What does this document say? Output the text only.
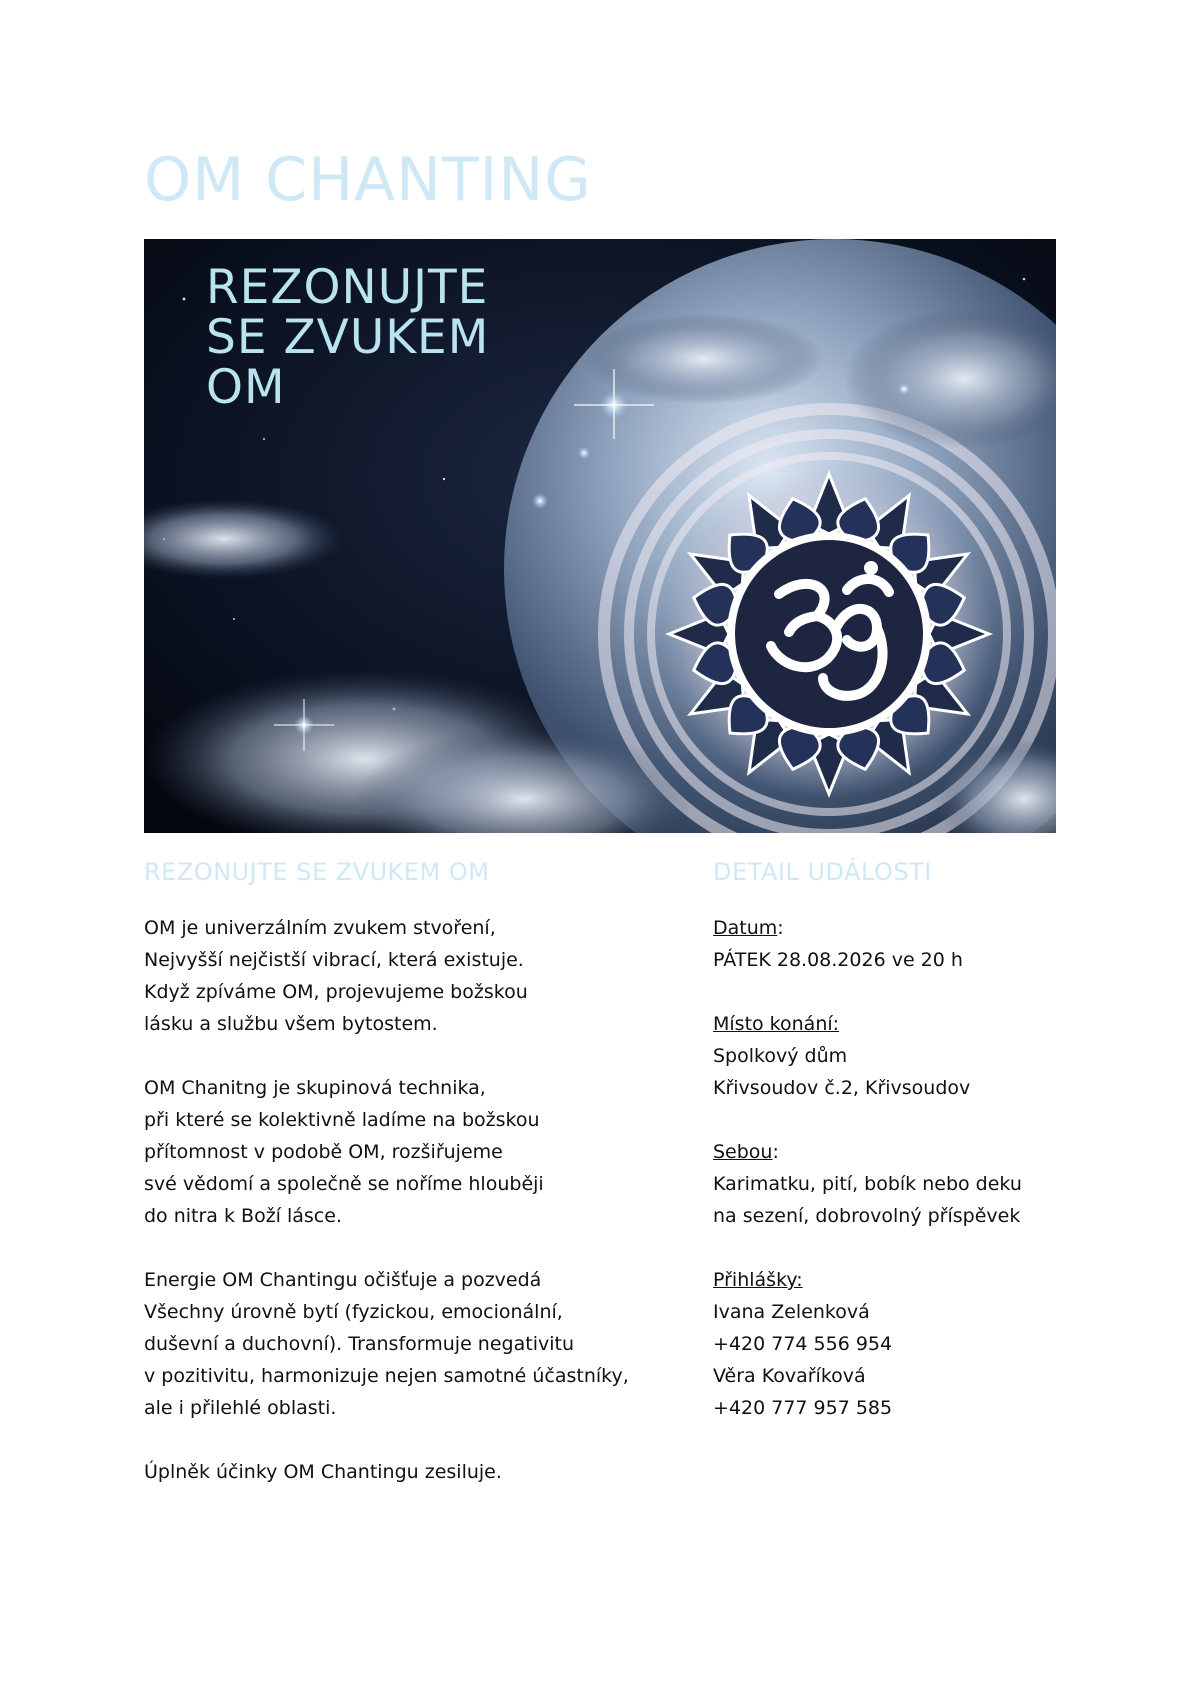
OM CHANTING
REZONUJTE
SE ZVUKEM
OM
REZONUJTE SE ZVUKEM OM	DETAIL UDÁLOSTI

OM je univerzálním zvukem stvoření,
Nejvyšší nejčistší vibrací, která existuje.
Když zpíváme OM, projevujeme božskou
lásku a službu všem bytostem.

OM Chanitng je skupinová technika,
při které se kolektivně ladíme na božskou
přítomnost v podobě OM, rozšiřujeme
své vědomí a společně se noříme hlouběji
do nitra k Boží lásce.

Energie OM Chantingu očišťuje a pozvedá
Všechny úrovně bytí (fyzickou, emocionální,
duševní a duchovní). Transformuje negativitu
v pozitivitu, harmonizuje nejen samotné účastníky,
ale i přilehlé oblasti.

Úplněk účinky OM Chantingu zesiluje.

Datum:
PÁTEK 28.08.2026 ve 20 h

Místo konání:
Spolkový dům
Křivsoudov č.2, Křivsoudov

Sebou:
Karimatku, pití, bobík nebo deku
na sezení, dobrovolný příspěvek

Přihlášky:
Ivana Zelenková
+420 774 556 954
Věra Kovaříková
+420 777 957 585
